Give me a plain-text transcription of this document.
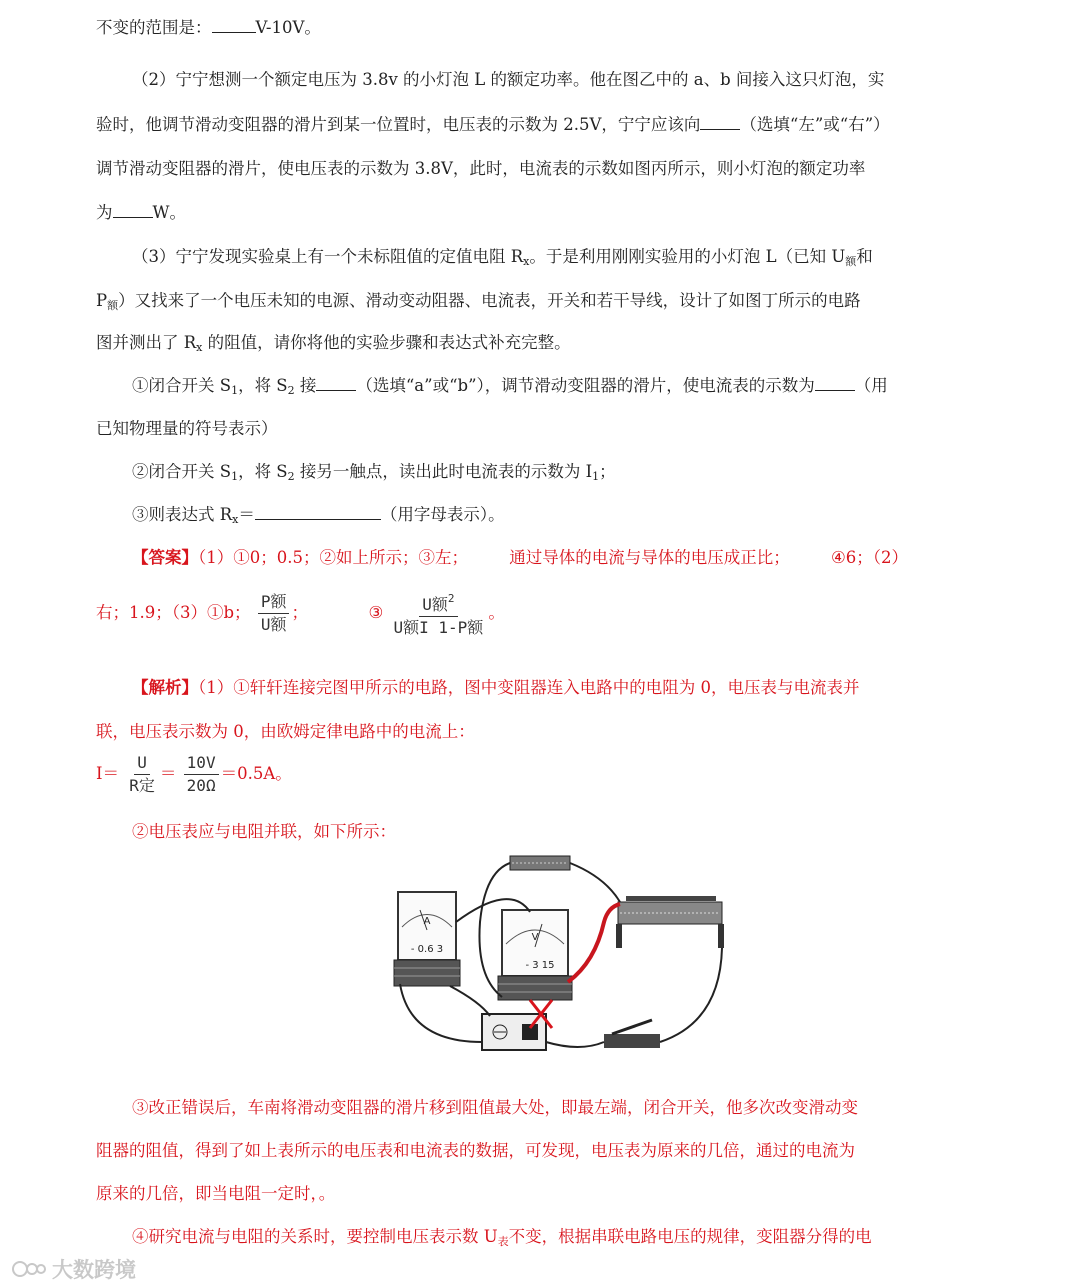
不变的范围是：	V-10V。
（2）宁宁想测一个额定电压为 3.8v 的小灯泡 L 的额定功率。他在图乙中的 a、b 间接入这只灯泡，实
验时，他调节滑动变阻器的滑片到某一位置时，电压表的示数为 2.5V，宁宁应该向 （选填“左”或“右”）
调节滑动变阻器的滑片，使电压表的示数为 3.8V，此时，电流表的示数如图丙所示，则小灯泡的额定功率
为 W。
（3）宁宁发现实验桌上有一个未标阻值的定值电阻 $R_x$。于是利用刚刚实验用的小灯泡 L（已知 $U_额$和
$P_额$）又找来了一个电压未知的电源、滑动变动阻器、电流表，开关和若干导线，设计了如图丁所示的电路
图并测出了 $R_x$ 的阻值，请你将他的实验步骤和表达式补充完整。
①闭合开关 $S_1$，将 $S_2$ 接 （选填“a”或“b”），调节滑动变阻器的滑片，使电流表的示数为 （用
已知物理量的符号表示）
②闭合开关 $S_1$，将 $S_2$ 接另一触点，读出此时电流表的示数为 $I_1$；
③则表达式 $R_x=$	（用字母表示）。
【答案】（1）①0；0.5；②如上所示；③左；	通过导体的电流与导体的电压成正比；	④6；（2）
右；1.9；（3）①b； $\frac{\text{P额}}{\text{U额}}$ ；	③ $\frac{U额^2}{\text{U额I 1-P额}}$ 。
【解析】（1）①轩轩连接完图甲所示的电路，图中变阻器连入电路中的电阻为 0，电压表与电流表并
联，电压表示数为 0，由欧姆定律电路中的电流上：
$I= \frac{U}{\text{R定}} = \frac{10V}{20\Omega} =0.5A$。
②电压表应与电阻并联，如下所示：
A
- 0.6 3
V
- 3 15
③改正错误后，车南将滑动变阻器的滑片移到阻值最大处，即最左端，闭合开关，他多次改变滑动变
阻器的阻值，得到了如上表所示的电压表和电流表的数据，可发现，电压表为原来的几倍，通过的电流为
原来的几倍，即当电阻一定时，。
④研究电流与电阻的关系时，要控制电压表示数 $U_表$不变，根据串联电路电压的规律，变阻器分得的电
大数跨境
